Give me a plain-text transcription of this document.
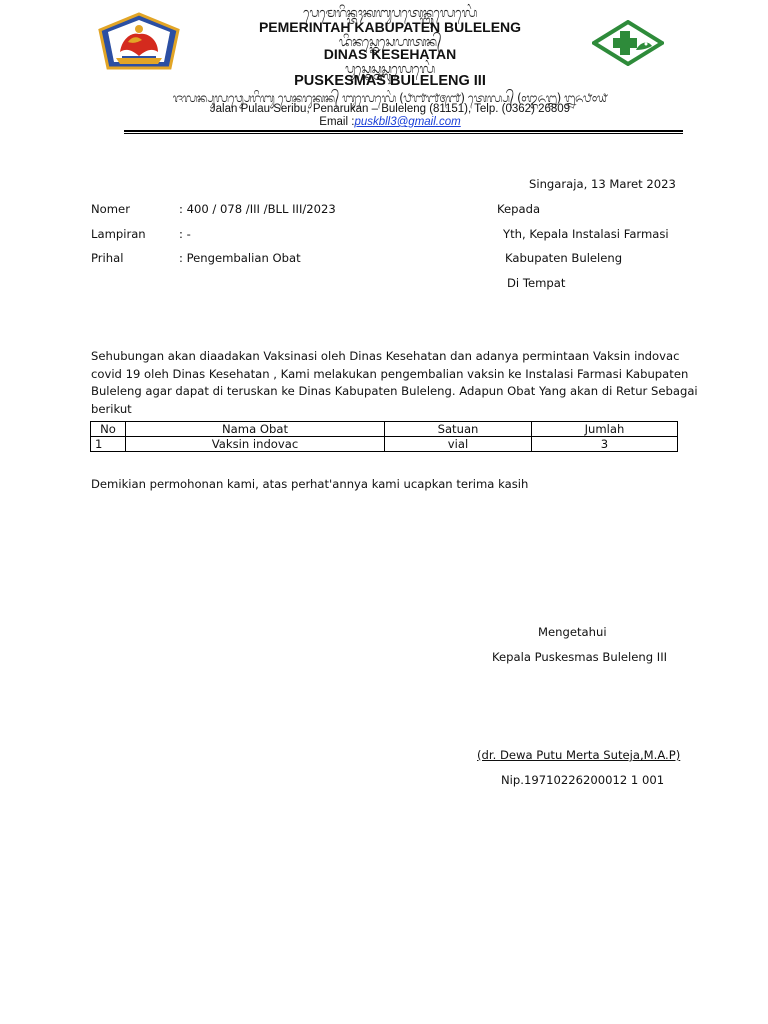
ᬧᬾᬫᬾᬭᬶᬦ᭄ᬢᬄᬓᬩᬸᬧᬢᬾᬦ᭄ᬩᬸᬮᬾᬮᬾᬂ
PEMERINTAH KABUPATEN BULELENG
ᬤᬶᬦᬲ᭄ᬓᬾᬲᬾᬳᬢᬦ᭄
DINAS KESEHATAN
ᬧᬸᬲ᭄ᬓᬾᬲ᭄ᬫᬲ᭄ᬩᬸᬮᬾᬮᬾᬂ
PUSKESMAS BULELENG III
ᬚᬮᬦ᭄ᬧᬸᬮᬯ᭄ᬲᬾᬭᬶᬩᬸ ᬧᬾᬦᬭᬸᬓᬦ᭄ ᬩᬸᬮᬾᬮᬾᬂ (᭘᭑᭑᭕᭑) ᬢᬾᬮ᭄ᬧ᭄ (᭐᭓᭖᭒) ᭒᭖᭘᭐᭙
Jalan Pulau Seribu, Penarukan – Buleleng (81151), Telp. (0362) 26809
Email :puskbll3@gmail.com
Singaraja, 13 Maret 2023
Nomer	: 400 / 078 /III /BLL III/2023
Lampiran	: -
Prihal	: Pengembalian Obat
Kepada
Yth, Kepala Instalasi Farmasi
Kabupaten Buleleng
Di Tempat
Sehubungan akan diaadakan Vaksinasi oleh Dinas Kesehatan dan adanya permintaan Vaksin indovac
covid 19 oleh Dinas Kesehatan , Kami melakukan pengembalian vaksin ke Instalasi Farmasi Kabupaten
Buleleng agar dapat di teruskan ke Dinas Kabupaten Buleleng. Adapun Obat Yang akan di Retur Sebagai
berikut
No	Nama Obat	Satuan	Jumlah
1	Vaksin indovac	vial	3
Demikian permohonan kami, atas perhat'annya kami ucapkan terima kasih
Mengetahui
Kepala Puskesmas Buleleng III
(dr. Dewa Putu Merta Suteja,M.A.P)
Nip.19710226200012 1 001
